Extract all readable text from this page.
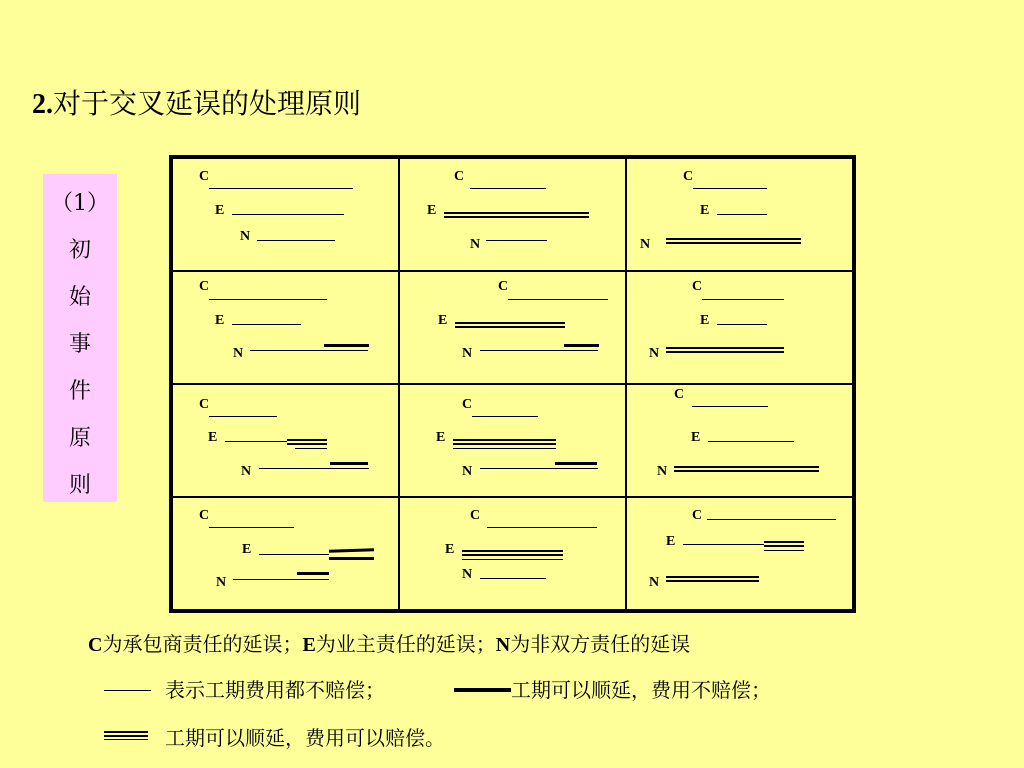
2.对于交叉延误的处理原则
（1）
初
始
事
件
原
则
C
E
N
C
E
N
C
E
N
C
E
N
C
E
N
C
E
N
C
E
N
C
E
N
C
E
N
C
E
N
C
E
N
C
E
N
C为承包商责任的延误；E为业主责任的延误；N为非双方责任的延误
表示工期费用都不赔偿；	工期可以顺延，费用不赔偿；
工期可以顺延，费用可以赔偿。
